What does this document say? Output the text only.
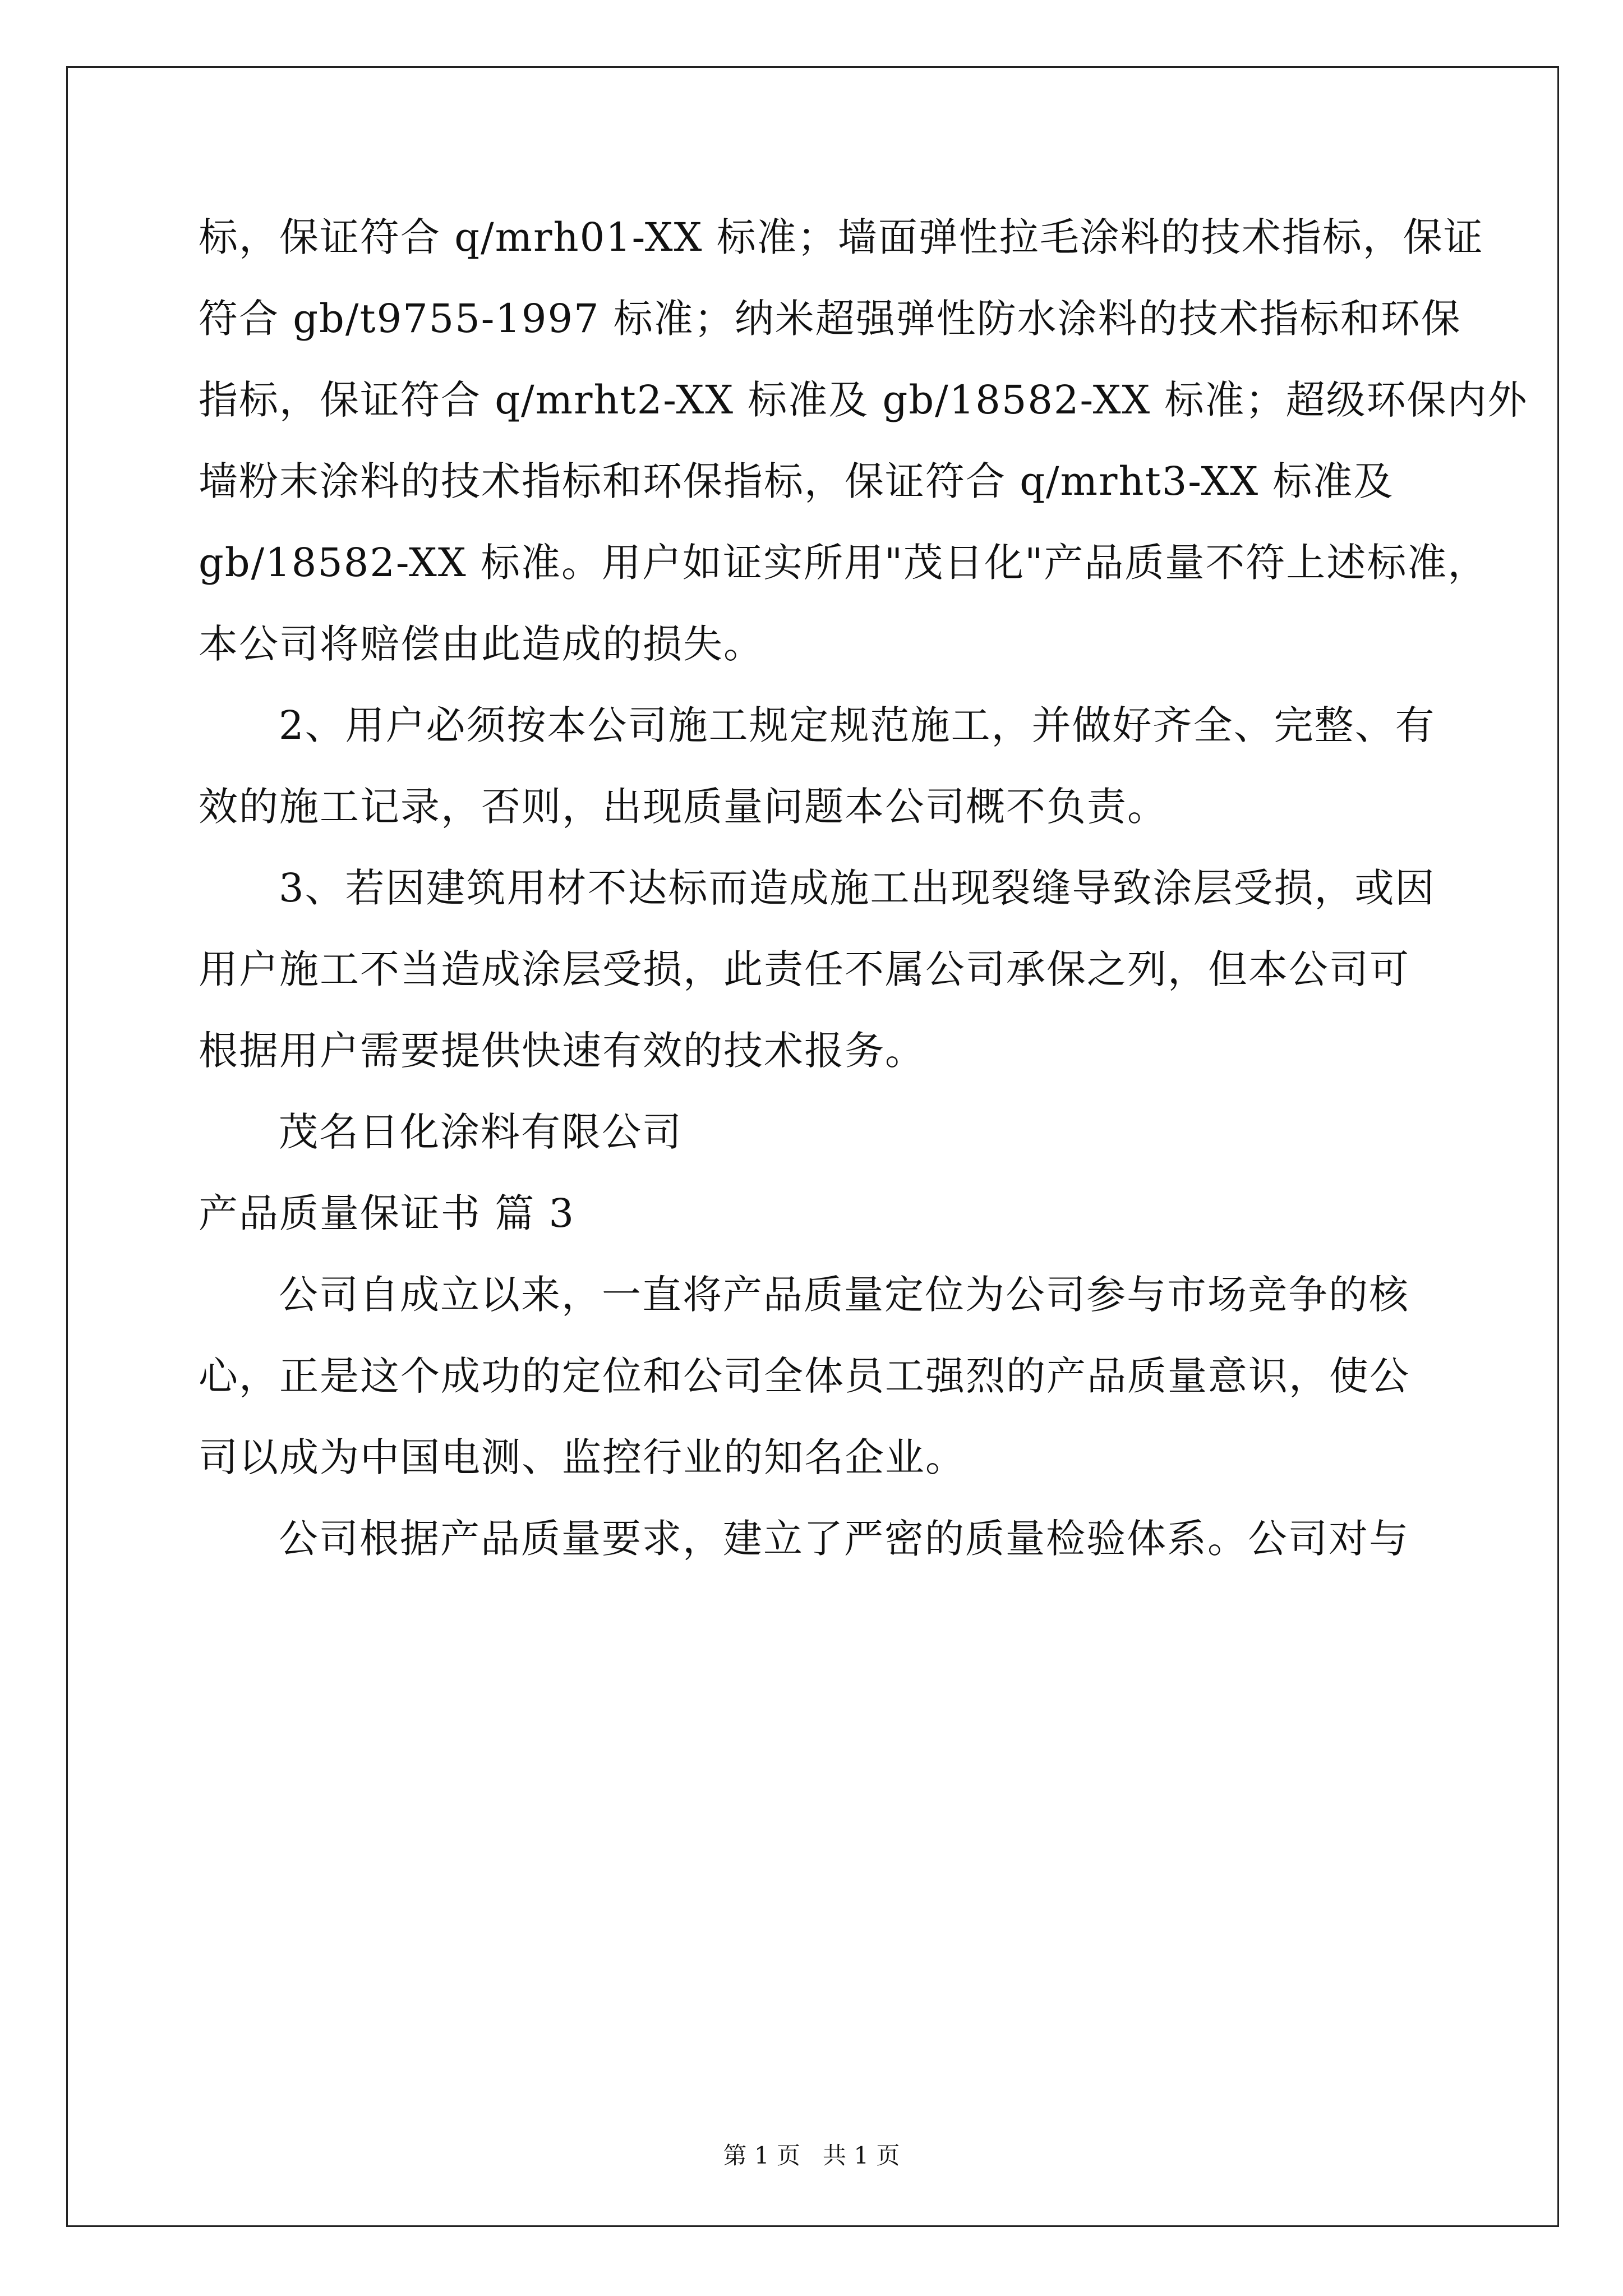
标，保证符合 q/mrh01-XX 标准；墙面弹性拉毛涂料的技术指标，保证
符合 gb/t9755-1997 标准；纳米超强弹性防水涂料的技术指标和环保
指标，保证符合 q/mrht2-XX 标准及 gb/18582-XX 标准；超级环保内外
墙粉末涂料的技术指标和环保指标，保证符合 q/mrht3-XX 标准及
gb/18582-XX 标准。用户如证实所用"茂日化"产品质量不符上述标准，
本公司将赔偿由此造成的损失。
2、用户必须按本公司施工规定规范施工，并做好齐全、完整、有
效的施工记录，否则，出现质量问题本公司概不负责。
3、若因建筑用材不达标而造成施工出现裂缝导致涂层受损，或因
用户施工不当造成涂层受损，此责任不属公司承保之列，但本公司可
根据用户需要提供快速有效的技术报务。
茂名日化涂料有限公司
产品质量保证书 篇 3
公司自成立以来，一直将产品质量定位为公司参与市场竞争的核
心，正是这个成功的定位和公司全体员工强烈的产品质量意识，使公
司以成为中国电测、监控行业的知名企业。
公司根据产品质量要求，建立了严密的质量检验体系。公司对与
第 1 页   共 1 页
